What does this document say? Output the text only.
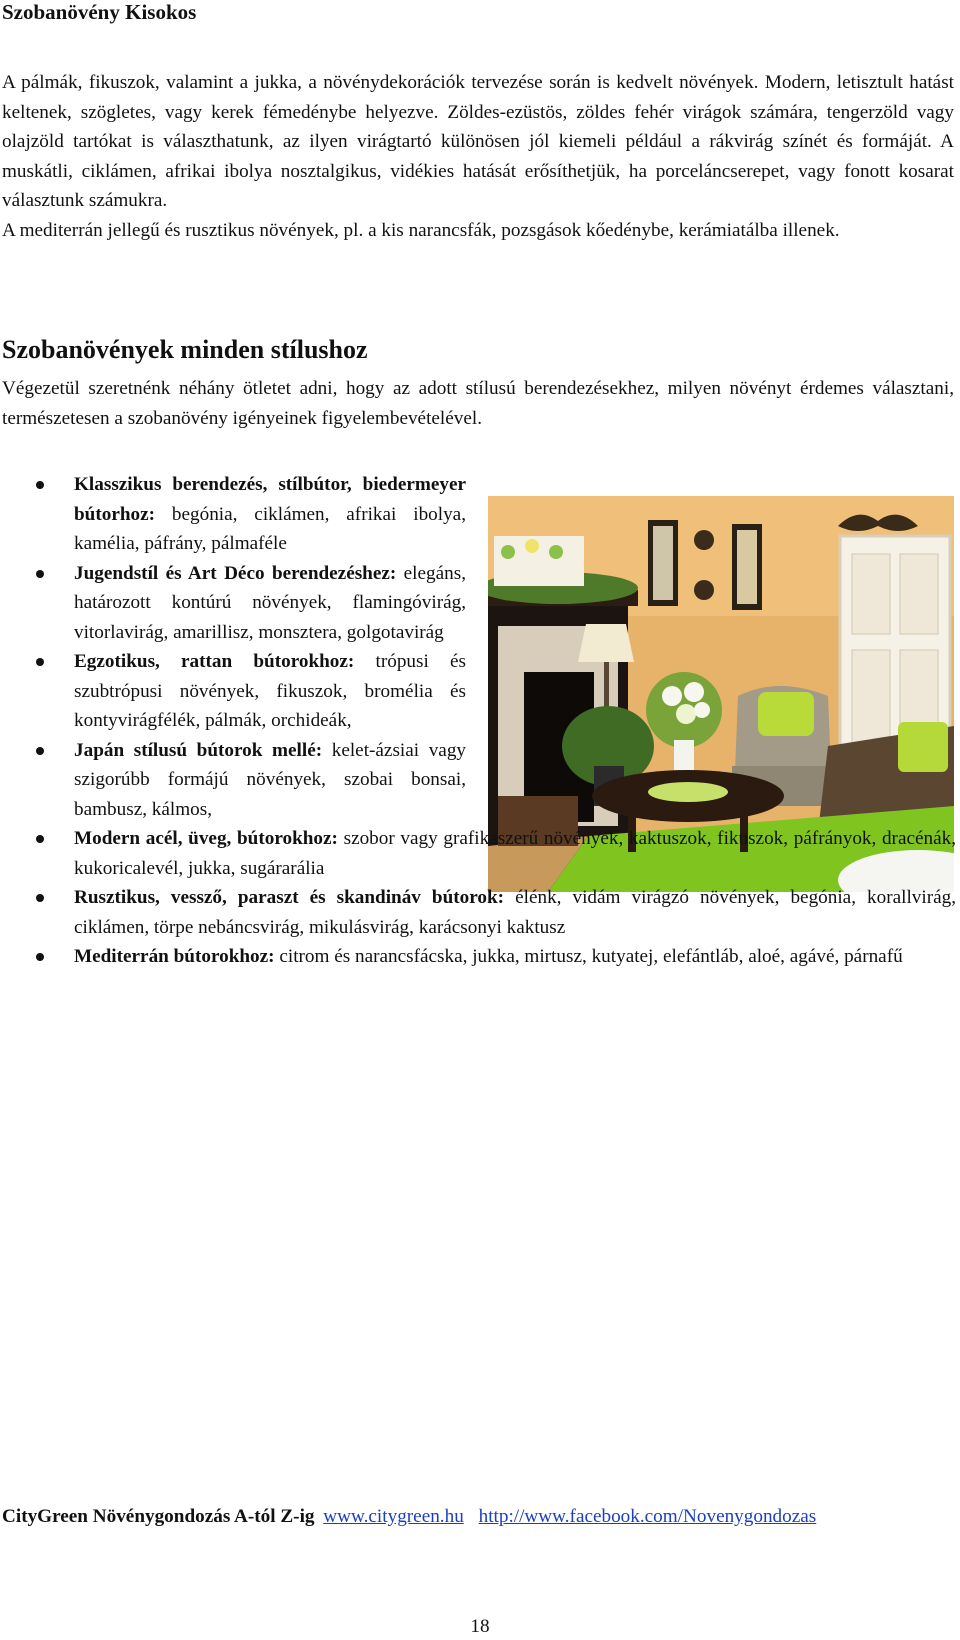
Szobanövény Kisokos

A pálmák, fikuszok, valamint a jukka, a növénydekorációk tervezése során is kedvelt növények. Modern, letisztult hatást keltenek, szögletes, vagy kerek fémedénybe helyezve. Zöldes-ezüstös, zöldes fehér virágok számára, tengerzöld vagy olajzöld tartókat is választhatunk, az ilyen virágtartó különösen jól kiemeli például a rákvirág színét és formáját. A muskátli, ciklámen, afrikai ibolya nosztalgikus, vidékies hatását erősíthetjük, ha porceláncserepet, vagy fonott kosarat választunk számukra.
A mediterrán jellegű és rusztikus növények, pl. a kis narancsfák, pozsgások kőedénybe, kerámiatálba illenek.

Szobanövények minden stílushoz

Végezetül szeretnénk néhány ötletet adni, hogy az adott stílusú berendezésekhez, milyen növényt érdemes választani, természetesen a szobanövény igényeinek figyelembevételével.

Klasszikus berendezés, stílbútor, biedermeyer bútorhoz: begónia, ciklámen, afrikai ibolya, kamélia, páfrány, pálmaféle
Jugendstíl és Art Déco berendezéshez: elegáns, határozott kontúrú növények, flamingóvirág, vitorlavirág, amarillisz, monsztera, golgotavirág
Egzotikus, rattan bútorokhoz: trópusi és szubtrópusi növények, fikuszok, bromélia és kontyvirágfélék, pálmák, orchideák,
Japán stílusú bútorok mellé: kelet-ázsiai vagy szigorúbb formájú növények, szobai bonsai, bambusz, kálmos,
Modern acél, üveg, bútorokhoz: szobor vagy grafikaszerű növények, kaktuszok, fikuszok, páfrányok, dracénák, kukoricalevél, jukka, sugárarália
Rusztikus, vessző, paraszt és skandináv bútorok: élénk, vidám virágzó növények, begónia, korallvirág, ciklámen, törpe nebáncsvirág, mikulásvirág, karácsonyi kaktusz
Mediterrán bútorokhoz: citrom és narancsfácska, jukka, mirtusz, kutyatej, elefántláb, aloé, agávé, párnafű
CityGreen Növénygondozás A-tól Z-ig www.citygreen.hu http://www.facebook.com/Novenygondozas
18
